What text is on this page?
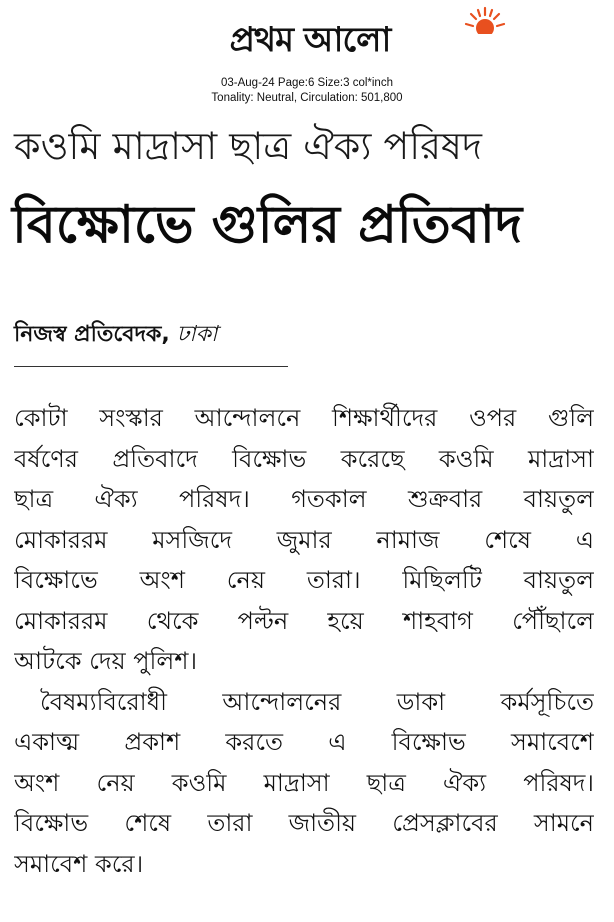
প্রথম আলো
03-Aug-24 Page:6 Size:3 col*inch
Tonality: Neutral, Circulation: 501,800
কওমি মাদ্রাসা ছাত্র ঐক্য পরিষদ
বিক্ষোভে গুলির প্রতিবাদ
নিজস্ব প্রতিবেদক, ঢাকা
কোটা সংস্কার আন্দোলনে শিক্ষার্থীদের ওপর গুলি
বর্ষণের প্রতিবাদে বিক্ষোভ করেছে কওমি মাদ্রাসা
ছাত্র ঐক্য পরিষদ। গতকাল শুক্রবার বায়তুল
মোকাররম মসজিদে জুমার নামাজ শেষে এ
বিক্ষোভে অংশ নেয় তারা। মিছিলটি বায়তুল
মোকাররম থেকে পল্টন হয়ে শাহবাগ পৌঁছালে
আটকে দেয় পুলিশ।
বৈষম্যবিরোধী আন্দোলনের ডাকা কর্মসূচিতে
একাত্ম প্রকাশ করতে এ বিক্ষোভ সমাবেশে
অংশ নেয় কওমি মাদ্রাসা ছাত্র ঐক্য পরিষদ।
বিক্ষোভ শেষে তারা জাতীয় প্রেসক্লাবের সামনে
সমাবেশ করে।
